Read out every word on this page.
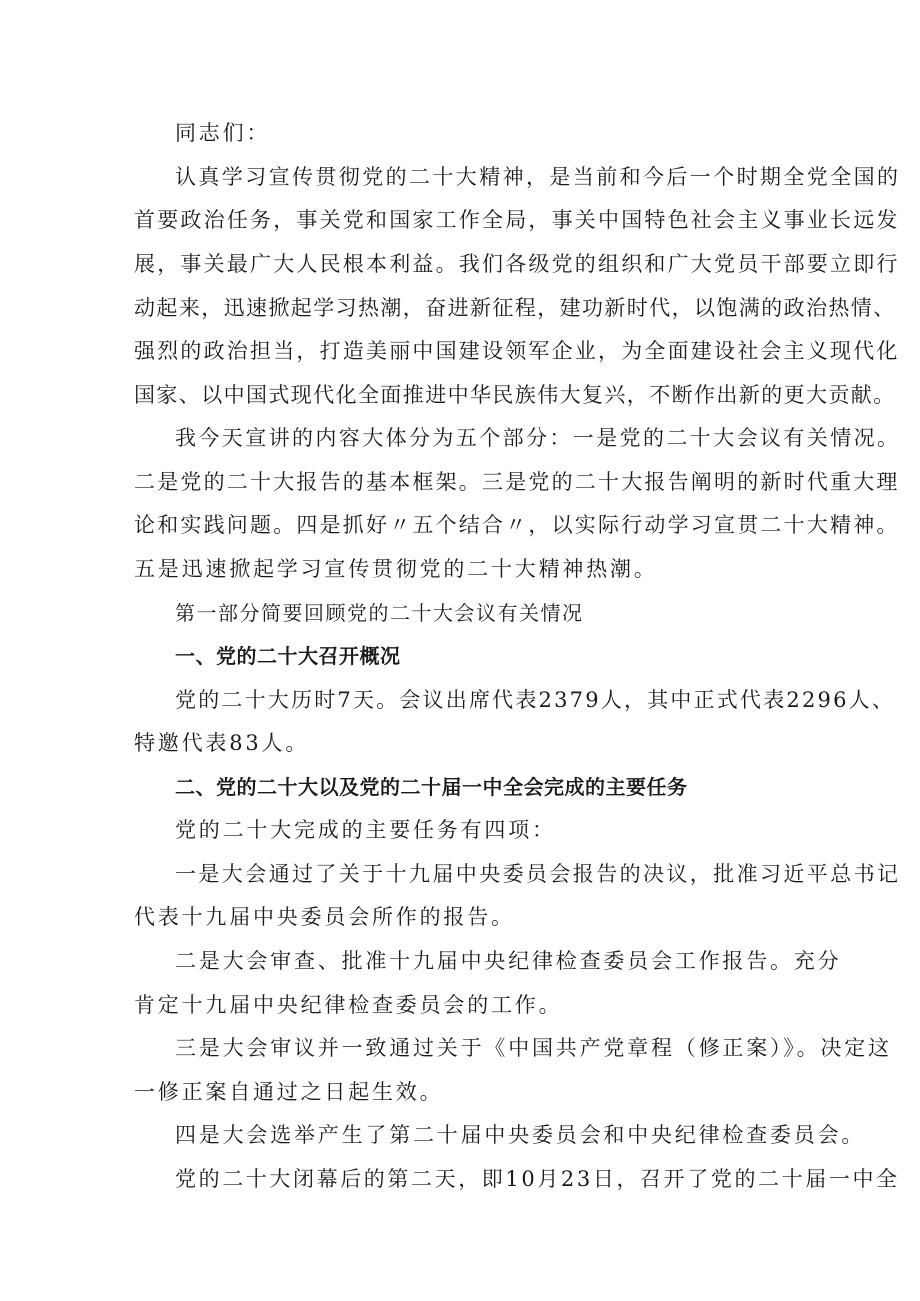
同志们：
认真学习宣传贯彻党的二十大精神，是当前和今后一个时期全党全国的
首要政治任务，事关党和国家工作全局，事关中国特色社会主义事业长远发
展，事关最广大人民根本利益。我们各级党的组织和广大党员干部要立即行
动起来，迅速掀起学习热潮，奋进新征程，建功新时代，以饱满的政治热情、
强烈的政治担当，打造美丽中国建设领军企业，为全面建设社会主义现代化
国家、以中国式现代化全面推进中华民族伟大复兴，不断作出新的更大贡献。
我今天宣讲的内容大体分为五个部分：一是党的二十大会议有关情况。
二是党的二十大报告的基本框架。三是党的二十大报告阐明的新时代重大理
论和实践问题。四是抓好〃五个结合〃，以实际行动学习宣贯二十大精神。
五是迅速掀起学习宣传贯彻党的二十大精神热潮。
第一部分简要回顾党的二十大会议有关情况
一、党的二十大召开概况
党的二十大历时7天。会议出席代表2379人，其中正式代表2296人、
特邀代表83人。
二、党的二十大以及党的二十届一中全会完成的主要任务
党的二十大完成的主要任务有四项：
一是大会通过了关于十九届中央委员会报告的决议，批准习近平总书记
代表十九届中央委员会所作的报告。
二是大会审查、批准十九届中央纪律检查委员会工作报告。充分
肯定十九届中央纪律检查委员会的工作。
三是大会审议并一致通过关于《中国共产党章程（修正案）》。决定这
一修正案自通过之日起生效。
四是大会选举产生了第二十届中央委员会和中央纪律检查委员会。
党的二十大闭幕后的第二天，即10月23日，召开了党的二十届一中全
